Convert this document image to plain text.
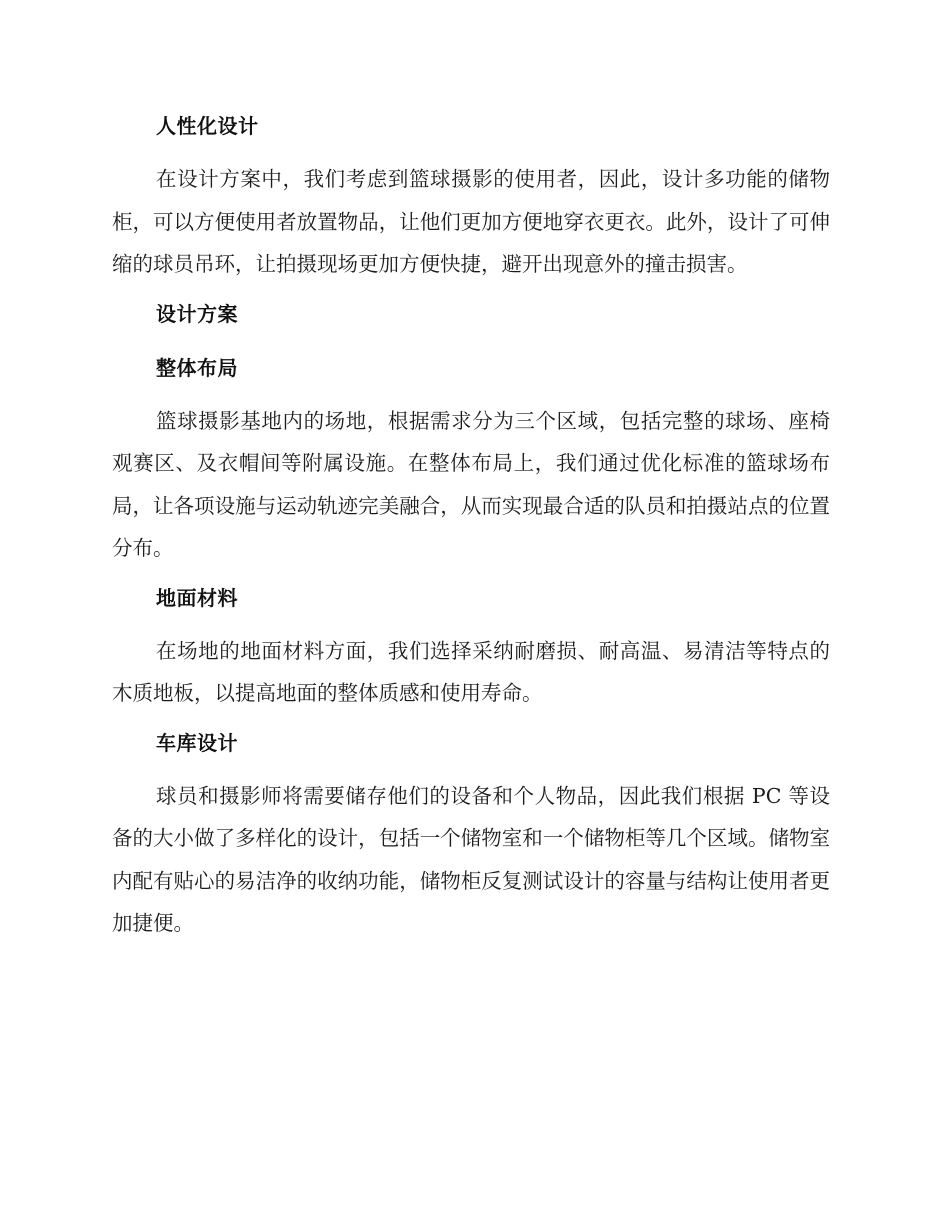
人性化设计

在设计方案中，我们考虑到篮球摄影的使用者，因此，设计多功能的储物柜，可以方便使用者放置物品，让他们更加方便地穿衣更衣。此外，设计了可伸缩的球员吊环，让拍摄现场更加方便快捷，避开出现意外的撞击损害。

设计方案
整体布局

篮球摄影基地内的场地，根据需求分为三个区域，包括完整的球场、座椅观赛区、及衣帽间等附属设施。在整体布局上，我们通过优化标准的篮球场布局，让各项设施与运动轨迹完美融合，从而实现最合适的队员和拍摄站点的位置分布。

地面材料

在场地的地面材料方面，我们选择采纳耐磨损、耐高温、易清洁等特点的木质地板，以提高地面的整体质感和使用寿命。

车库设计

球员和摄影师将需要储存他们的设备和个人物品，因此我们根据 PC 等设备的大小做了多样化的设计，包括一个储物室和一个储物柜等几个区域。储物室内配有贴心的易洁净的收纳功能，储物柜反复测试设计的容量与结构让使用者更加捷便。
